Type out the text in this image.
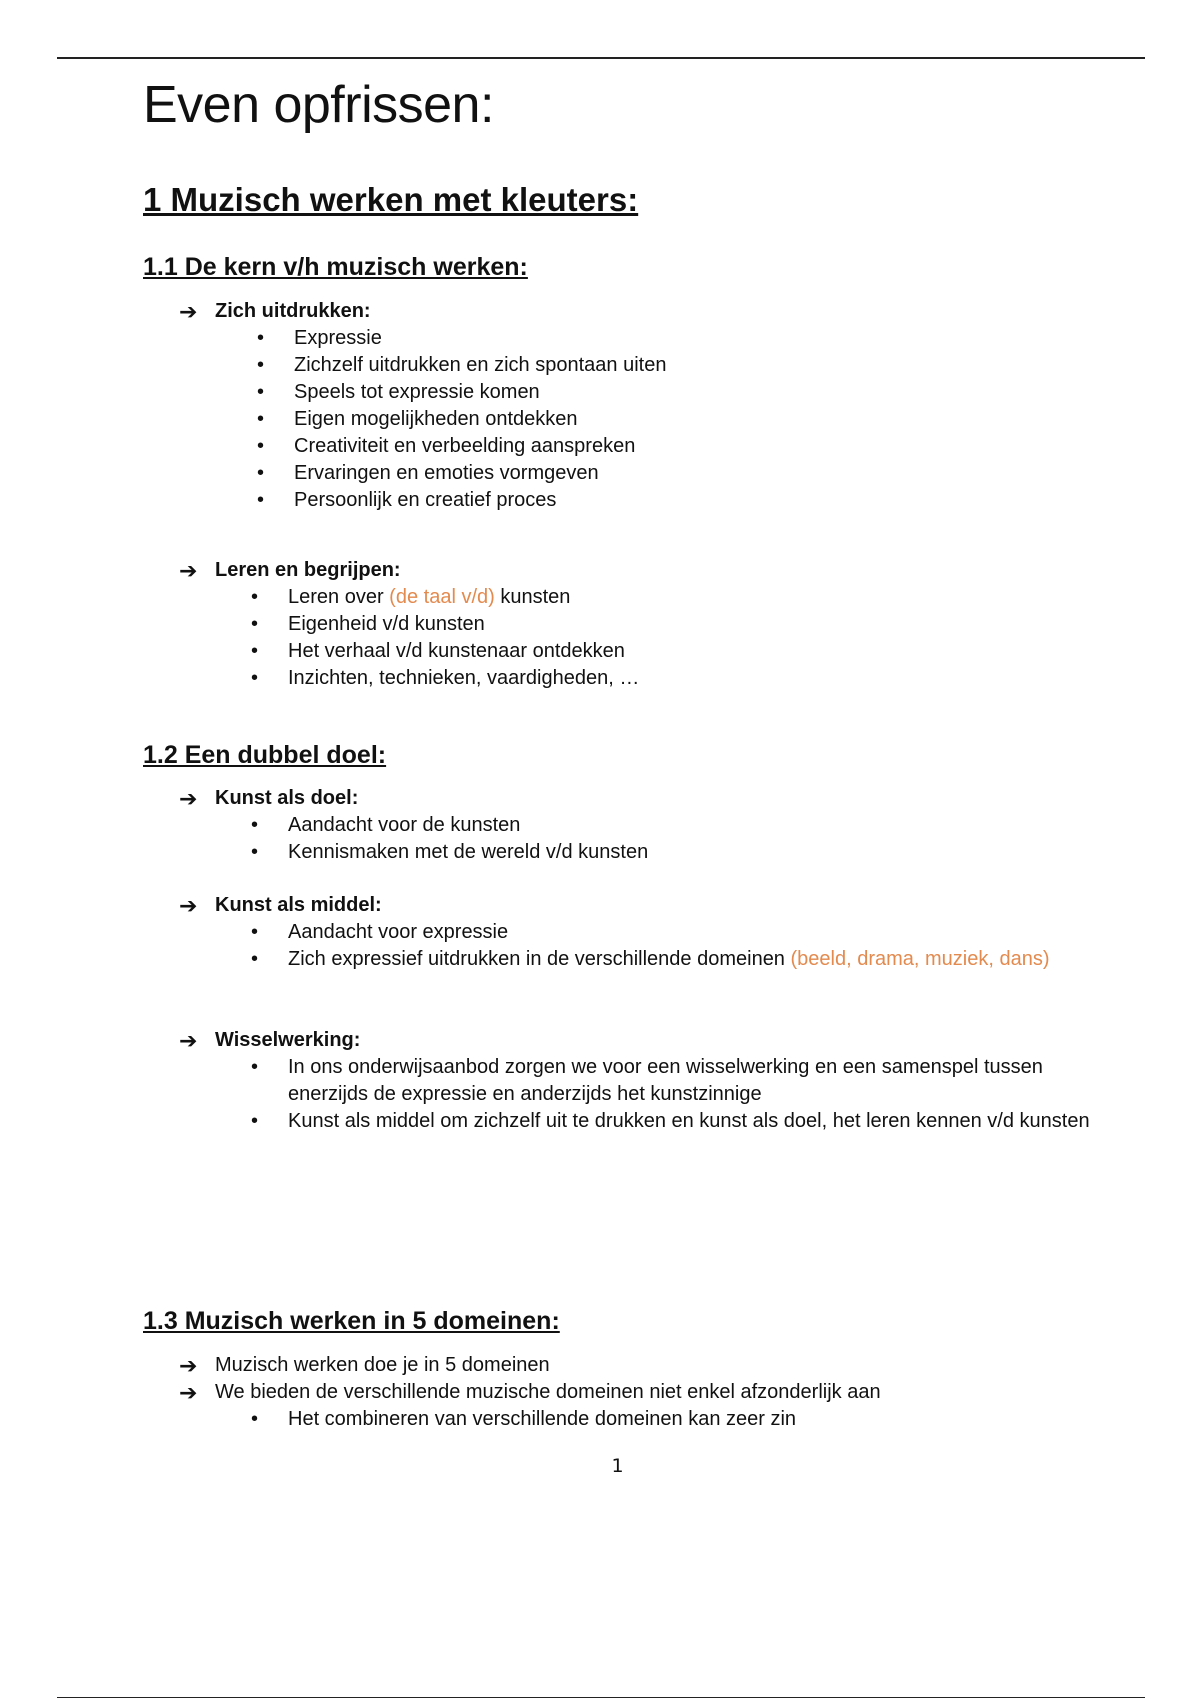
Even opfrissen:
1 Muzisch werken met kleuters:
1.1 De kern v/h muzisch werken:
➔ Zich uitdrukken:
• Expressie
• Zichzelf uitdrukken en zich spontaan uiten
• Speels tot expressie komen
• Eigen mogelijkheden ontdekken
• Creativiteit en verbeelding aanspreken
• Ervaringen en emoties vormgeven
• Persoonlijk en creatief proces
➔ Leren en begrijpen:
• Leren over (de taal v/d) kunsten
• Eigenheid v/d kunsten
• Het verhaal v/d kunstenaar ontdekken
• Inzichten, technieken, vaardigheden, …
1.2 Een dubbel doel:
➔ Kunst als doel:
• Aandacht voor de kunsten
• Kennismaken met de wereld v/d kunsten
➔ Kunst als middel:
• Aandacht voor expressie
• Zich expressief uitdrukken in de verschillende domeinen (beeld, drama, muziek, dans)
➔ Wisselwerking:
• In ons onderwijsaanbod zorgen we voor een wisselwerking en een samenspel tussen enerzijds de expressie en anderzijds het kunstzinnige
• Kunst als middel om zichzelf uit te drukken en kunst als doel, het leren kennen v/d kunsten
1.3 Muzisch werken in 5 domeinen:
➔ Muzisch werken doe je in 5 domeinen
➔ We bieden de verschillende muzische domeinen niet enkel afzonderlijk aan
• Het combineren van verschillende domeinen kan zeer zin
1
